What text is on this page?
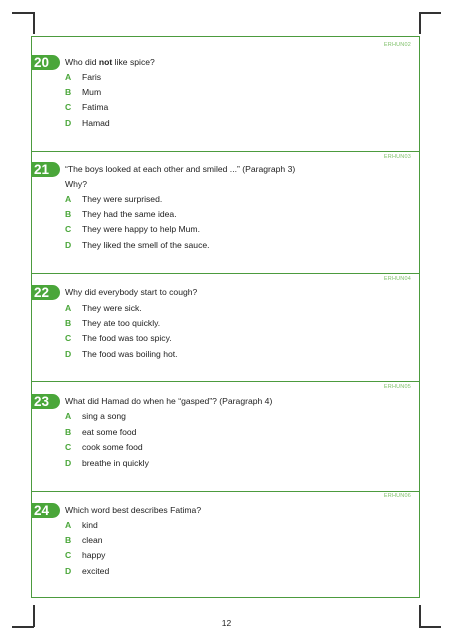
ERHUN02
20	Who did not like spice?
A Faris
B Mum
C Fatima
D Hamad
ERHUN03
21	“The boys looked at each other and smiled ...” (Paragraph 3)
Why?
A They were surprised.
B They had the same idea.
C They were happy to help Mum.
D They liked the smell of the sauce.
ERHUN04
22	Why did everybody start to cough?
A They were sick.
B They ate too quickly.
C The food was too spicy.
D The food was boiling hot.
ERHUN05
23	What did Hamad do when he “gasped”? (Paragraph 4)
A sing a song
B eat some food
C cook some food
D breathe in quickly
ERHUN06
24	Which word best describes Fatima?
A kind
B clean
C happy
D excited
12
